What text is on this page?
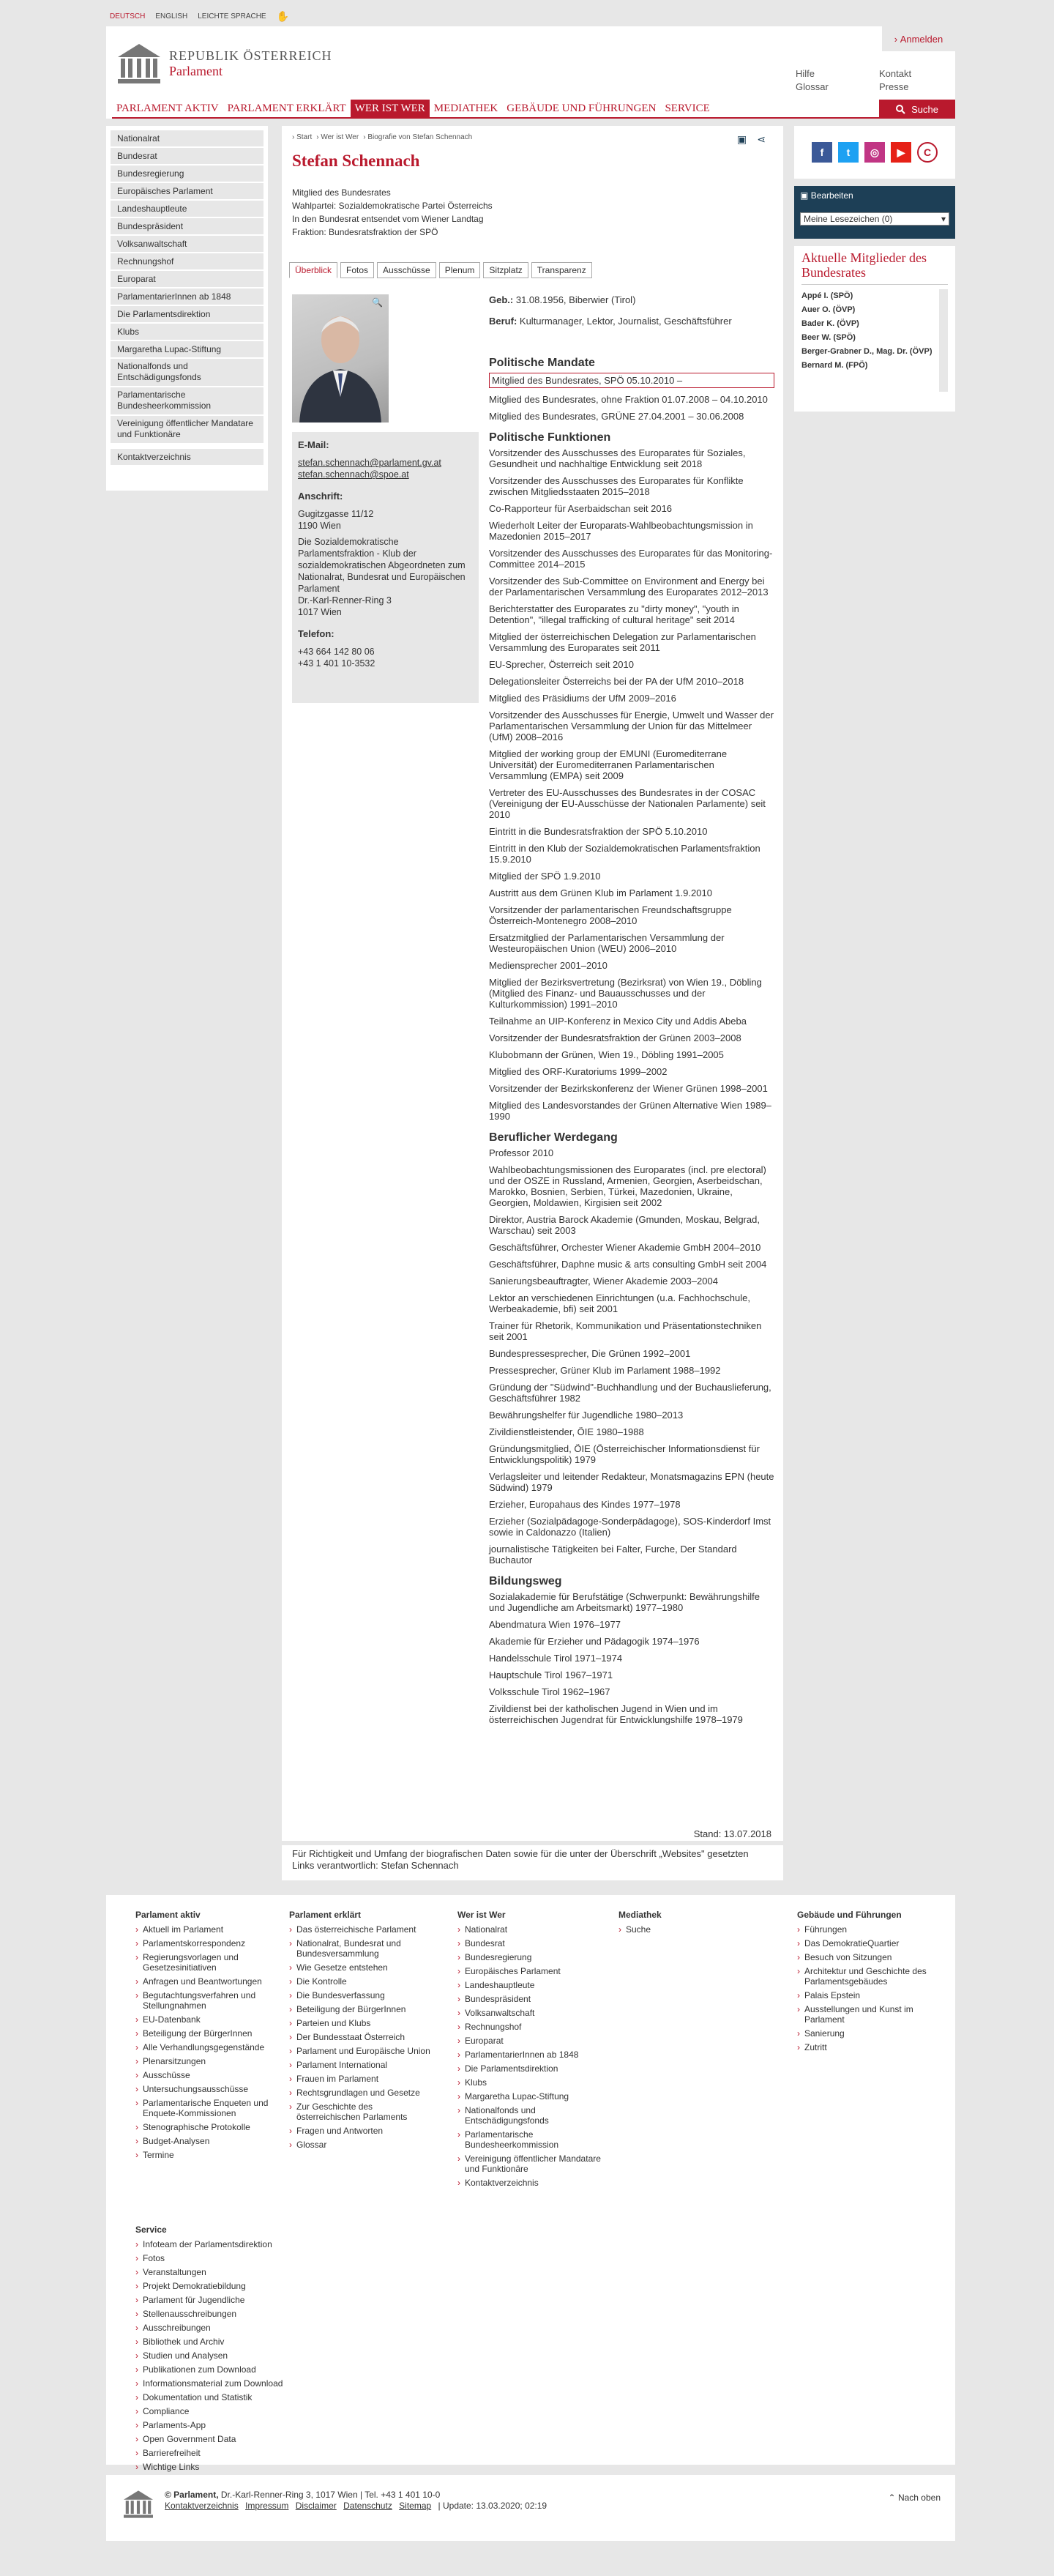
DEUTSCH ENGLISH LEICHTE SPRACHE ✋
REPUBLIK ÖSTERREICH
Parlament
› Anmelden
Hilfe
Glossar
Kontakt
Presse
PARLAMENT AKTIV PARLAMENT ERKLÄRT WER IST WER MEDIATHEK GEBÄUDE UND FÜHRUNGEN SERVICE	Suche
Nationalrat
Bundesrat
Bundesregierung
Europäisches Parlament
Landeshauptleute
Bundespräsident
Volksanwaltschaft
Rechnungshof
Europarat
ParlamentarierInnen ab 1848
Die Parlamentsdirektion
Klubs
Margaretha Lupac-Stiftung
Nationalfonds und Entschädigungsfonds
Parlamentarische Bundesheerkommission
Vereinigung öffentlicher Mandatare und Funktionäre
Kontaktverzeichnis
› Start › Wer ist Wer › Biografie von Stefan Schennach	▣ ⋖
Stefan Schennach
Mitglied des Bundesrates
Wahlpartei: Sozialdemokratische Partei Österreichs
In den Bundesrat entsendet vom Wiener Landtag
Fraktion: Bundesratsfraktion der SPÖ
Überblick	Fotos	Ausschüsse	Plenum	Sitzplatz	Transparenz
🔍
E-Mail:
stefan.schennach@parlament.gv.at
stefan.schennach@spoe.at
Anschrift:
Gugitzgasse 11/12
1190 Wien
Die Sozialdemokratische Parlamentsfraktion - Klub der sozialdemokratischen Abgeordneten zum Nationalrat, Bundesrat und Europäischen Parlament
Dr.-Karl-Renner-Ring 3
1017 Wien
Telefon:
+43 664 142 80 06
+43 1 401 10-3532
Geb.: 31.08.1956, Biberwier (Tirol)
Beruf: Kulturmanager, Lektor, Journalist, Geschäftsführer
Politische Mandate
Mitglied des Bundesrates, SPÖ 05.10.2010 –
Mitglied des Bundesrates, ohne Fraktion 01.07.2008 – 04.10.2010
Mitglied des Bundesrates, GRÜNE 27.04.2001 – 30.06.2008
Politische Funktionen
Vorsitzender des Ausschusses des Europarates für Soziales, Gesundheit und nachhaltige Entwicklung seit 2018
Vorsitzender des Ausschusses des Europarates für Konflikte zwischen Mitgliedsstaaten 2015–2018
Co-Rapporteur für Aserbaidschan seit 2016
Wiederholt Leiter der Europarats-Wahlbeobachtungsmission in Mazedonien 2015–2017
Vorsitzender des Ausschusses des Europarates für das Monitoring-Committee 2014–2015
Vorsitzender des Sub-Committee on Environment and Energy bei der Parlamentarischen Versammlung des Europarates 2012–2013
Berichterstatter des Europarates zu "dirty money", "youth in Detention", "illegal trafficking of cultural heritage" seit 2014
Mitglied der österreichischen Delegation zur Parlamentarischen Versammlung des Europarates seit 2011
EU-Sprecher, Österreich seit 2010
Delegationsleiter Österreichs bei der PA der UfM 2010–2018
Mitglied des Präsidiums der UfM 2009–2016
Vorsitzender des Ausschusses für Energie, Umwelt und Wasser der Parlamentarischen Versammlung der Union für das Mittelmeer (UfM) 2008–2016
Mitglied der working group der EMUNI (Euromediterrane Universität) der Euromediterranen Parlamentarischen Versammlung (EMPA) seit 2009
Vertreter des EU-Ausschusses des Bundesrates in der COSAC (Vereinigung der EU-Ausschüsse der Nationalen Parlamente) seit 2010
Eintritt in die Bundesratsfraktion der SPÖ 5.10.2010
Eintritt in den Klub der Sozialdemokratischen Parlamentsfraktion 15.9.2010
Mitglied der SPÖ 1.9.2010
Austritt aus dem Grünen Klub im Parlament 1.9.2010
Vorsitzender der parlamentarischen Freundschaftsgruppe Österreich-Montenegro 2008–2010
Ersatzmitglied der Parlamentarischen Versammlung der Westeuropäischen Union (WEU) 2006–2010
Mediensprecher 2001–2010
Mitglied der Bezirksvertretung (Bezirksrat) von Wien 19., Döbling (Mitglied des Finanz- und Bauausschusses und der Kulturkommission) 1991–2010
Teilnahme an UIP-Konferenz in Mexico City und Addis Abeba
Vorsitzender der Bundesratsfraktion der Grünen 2003–2008
Klubobmann der Grünen, Wien 19., Döbling 1991–2005
Mitglied des ORF-Kuratoriums 1999–2002
Vorsitzender der Bezirkskonferenz der Wiener Grünen 1998–2001
Mitglied des Landesvorstandes der Grünen Alternative Wien 1989–1990
Beruflicher Werdegang
Professor 2010
Wahlbeobachtungsmissionen des Europarates (incl. pre electoral) und der OSZE in Russland, Armenien, Georgien, Aserbeidschan, Marokko, Bosnien, Serbien, Türkei, Mazedonien, Ukraine, Georgien, Moldawien, Kirgisien seit 2002
Direktor, Austria Barock Akademie (Gmunden, Moskau, Belgrad, Warschau) seit 2003
Geschäftsführer, Orchester Wiener Akademie GmbH 2004–2010
Geschäftsführer, Daphne music & arts consulting GmbH seit 2004
Sanierungsbeauftragter, Wiener Akademie 2003–2004
Lektor an verschiedenen Einrichtungen (u.a. Fachhochschule, Werbeakademie, bfi) seit 2001
Trainer für Rhetorik, Kommunikation und Präsentationstechniken seit 2001
Bundespressesprecher, Die Grünen 1992–2001
Pressesprecher, Grüner Klub im Parlament 1988–1992
Gründung der "Südwind"-Buchhandlung und der Buchauslieferung, Geschäftsführer 1982
Bewährungshelfer für Jugendliche 1980–2013
Zivildienstleistender, ÖIE 1980–1988
Gründungsmitglied, ÖIE (Österreichischer Informationsdienst für Entwicklungspolitik) 1979
Verlagsleiter und leitender Redakteur, Monatsmagazins EPN (heute Südwind) 1979
Erzieher, Europahaus des Kindes 1977–1978
Erzieher (Sozialpädagoge-Sonderpädagoge), SOS-Kinderdorf Imst sowie in Caldonazzo (Italien)
journalistische Tätigkeiten bei Falter, Furche, Der Standard Buchautor
Bildungsweg
Sozialakademie für Berufstätige (Schwerpunkt: Bewährungshilfe und Jugendliche am Arbeitsmarkt) 1977–1980
Abendmatura Wien 1976–1977
Akademie für Erzieher und Pädagogik 1974–1976
Handelsschule Tirol 1971–1974
Hauptschule Tirol 1967–1971
Volksschule Tirol 1962–1967
Zivildienst bei der katholischen Jugend in Wien und im österreichischen Jugendrat für Entwicklungshilfe 1978–1979
Stand: 13.07.2018
Für Richtigkeit und Umfang der biografischen Daten sowie für die unter der Überschrift „Websites" gesetzten Links verantwortlich: Stefan Schennach
f	t	◎	▶	C
▣ Bearbeiten
Meine Lesezeichen (0)	▾
Aktuelle Mitglieder des Bundesrates
Appé I. (SPÖ)
Auer O. (ÖVP)
Bader K. (ÖVP)
Beer W. (SPÖ)
Berger-Grabner D., Mag. Dr. (ÖVP)
Bernard M. (FPÖ)
Parlament aktiv
› Aktuell im Parlament
› Parlamentskorrespondenz
› Regierungsvorlagen und Gesetzesinitiativen
› Anfragen und Beantwortungen
› Begutachtungsverfahren und Stellungnahmen
› EU-Datenbank
› Beteiligung der BürgerInnen
› Alle Verhandlungsgegenstände
› Plenarsitzungen
› Ausschüsse
› Untersuchungsausschüsse
› Parlamentarische Enqueten und Enquete-Kommissionen
› Stenographische Protokolle
› Budget-Analysen
› Termine
Parlament erklärt
› Das österreichische Parlament
› Nationalrat, Bundesrat und Bundesversammlung
› Wie Gesetze entstehen
› Die Kontrolle
› Die Bundesverfassung
› Beteiligung der BürgerInnen
› Parteien und Klubs
› Der Bundesstaat Österreich
› Parlament und Europäische Union
› Parlament International
› Frauen im Parlament
› Rechtsgrundlagen und Gesetze
› Zur Geschichte des österreichischen Parlaments
› Fragen und Antworten
› Glossar
Wer ist Wer
› Nationalrat
› Bundesrat
› Bundesregierung
› Europäisches Parlament
› Landeshauptleute
› Bundespräsident
› Volksanwaltschaft
› Rechnungshof
› Europarat
› ParlamentarierInnen ab 1848
› Die Parlamentsdirektion
› Klubs
› Margaretha Lupac-Stiftung
› Nationalfonds und Entschädigungsfonds
› Parlamentarische Bundesheerkommission
› Vereinigung öffentlicher Mandatare und Funktionäre
› Kontaktverzeichnis
Mediathek
› Suche
Gebäude und Führungen
› Führungen
› Das DemokratieQuartier
› Besuch von Sitzungen
› Architektur und Geschichte des Parlamentsgebäudes
› Palais Epstein
› Ausstellungen und Kunst im Parlament
› Sanierung
› Zutritt
Service
› Infoteam der Parlamentsdirektion
› Fotos
› Veranstaltungen
› Projekt Demokratiebildung
› Parlament für Jugendliche
› Stellenausschreibungen
› Ausschreibungen
› Bibliothek und Archiv
› Studien und Analysen
› Publikationen zum Download
› Informationsmaterial zum Download
› Dokumentation und Statistik
› Compliance
› Parlaments-App
› Open Government Data
› Barrierefreiheit
› Wichtige Links
© Parlament, Dr.-Karl-Renner-Ring 3, 1017 Wien | Tel. +43 1 401 10-0
Kontaktverzeichnis Impressum Disclaimer Datenschutz Sitemap | Update: 13.03.2020; 02:19
⌃ Nach oben
